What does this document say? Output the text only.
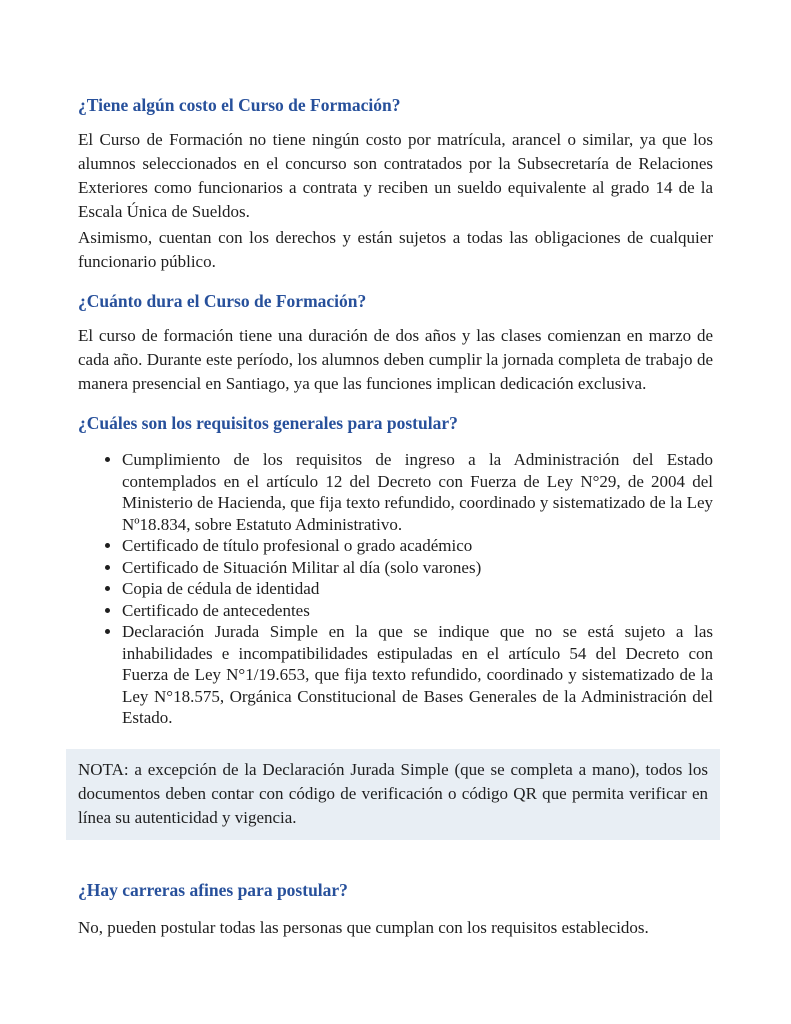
¿Tiene algún costo el Curso de Formación?

El Curso de Formación no tiene ningún costo por matrícula, arancel o similar, ya que los alumnos seleccionados en el concurso son contratados por la Subsecretaría de Relaciones Exteriores como funcionarios a contrata y reciben un sueldo equivalente al grado 14 de la Escala Única de Sueldos.

Asimismo, cuentan con los derechos y están sujetos a todas las obligaciones de cualquier funcionario público.

¿Cuánto dura el Curso de Formación?

El curso de formación tiene una duración de dos años y las clases comienzan en marzo de cada año. Durante este período, los alumnos deben cumplir la jornada completa de trabajo de manera presencial en Santiago, ya que las funciones implican dedicación exclusiva.

¿Cuáles son los requisitos generales para postular?
• Cumplimiento de los requisitos de ingreso a la Administración del Estado contemplados en el artículo 12 del Decreto con Fuerza de Ley N°29, de 2004 del Ministerio de Hacienda, que fija texto refundido, coordinado y sistematizado de la Ley Nº18.834, sobre Estatuto Administrativo.
• Certificado de título profesional o grado académico
• Certificado de Situación Militar al día (solo varones)
• Copia de cédula de identidad
• Certificado de antecedentes
• Declaración Jurada Simple en la que se indique que no se está sujeto a las inhabilidades e incompatibilidades estipuladas en el artículo 54 del Decreto con Fuerza de Ley N°1/19.653, que fija texto refundido, coordinado y sistematizado de la Ley N°18.575, Orgánica Constitucional de Bases Generales de la Administración del Estado.

NOTA: a excepción de la Declaración Jurada Simple (que se completa a mano), todos los documentos deben contar con código de verificación o código QR que permita verificar en línea su autenticidad y vigencia.

¿Hay carreras afines para postular?

No, pueden postular todas las personas que cumplan con los requisitos establecidos.
